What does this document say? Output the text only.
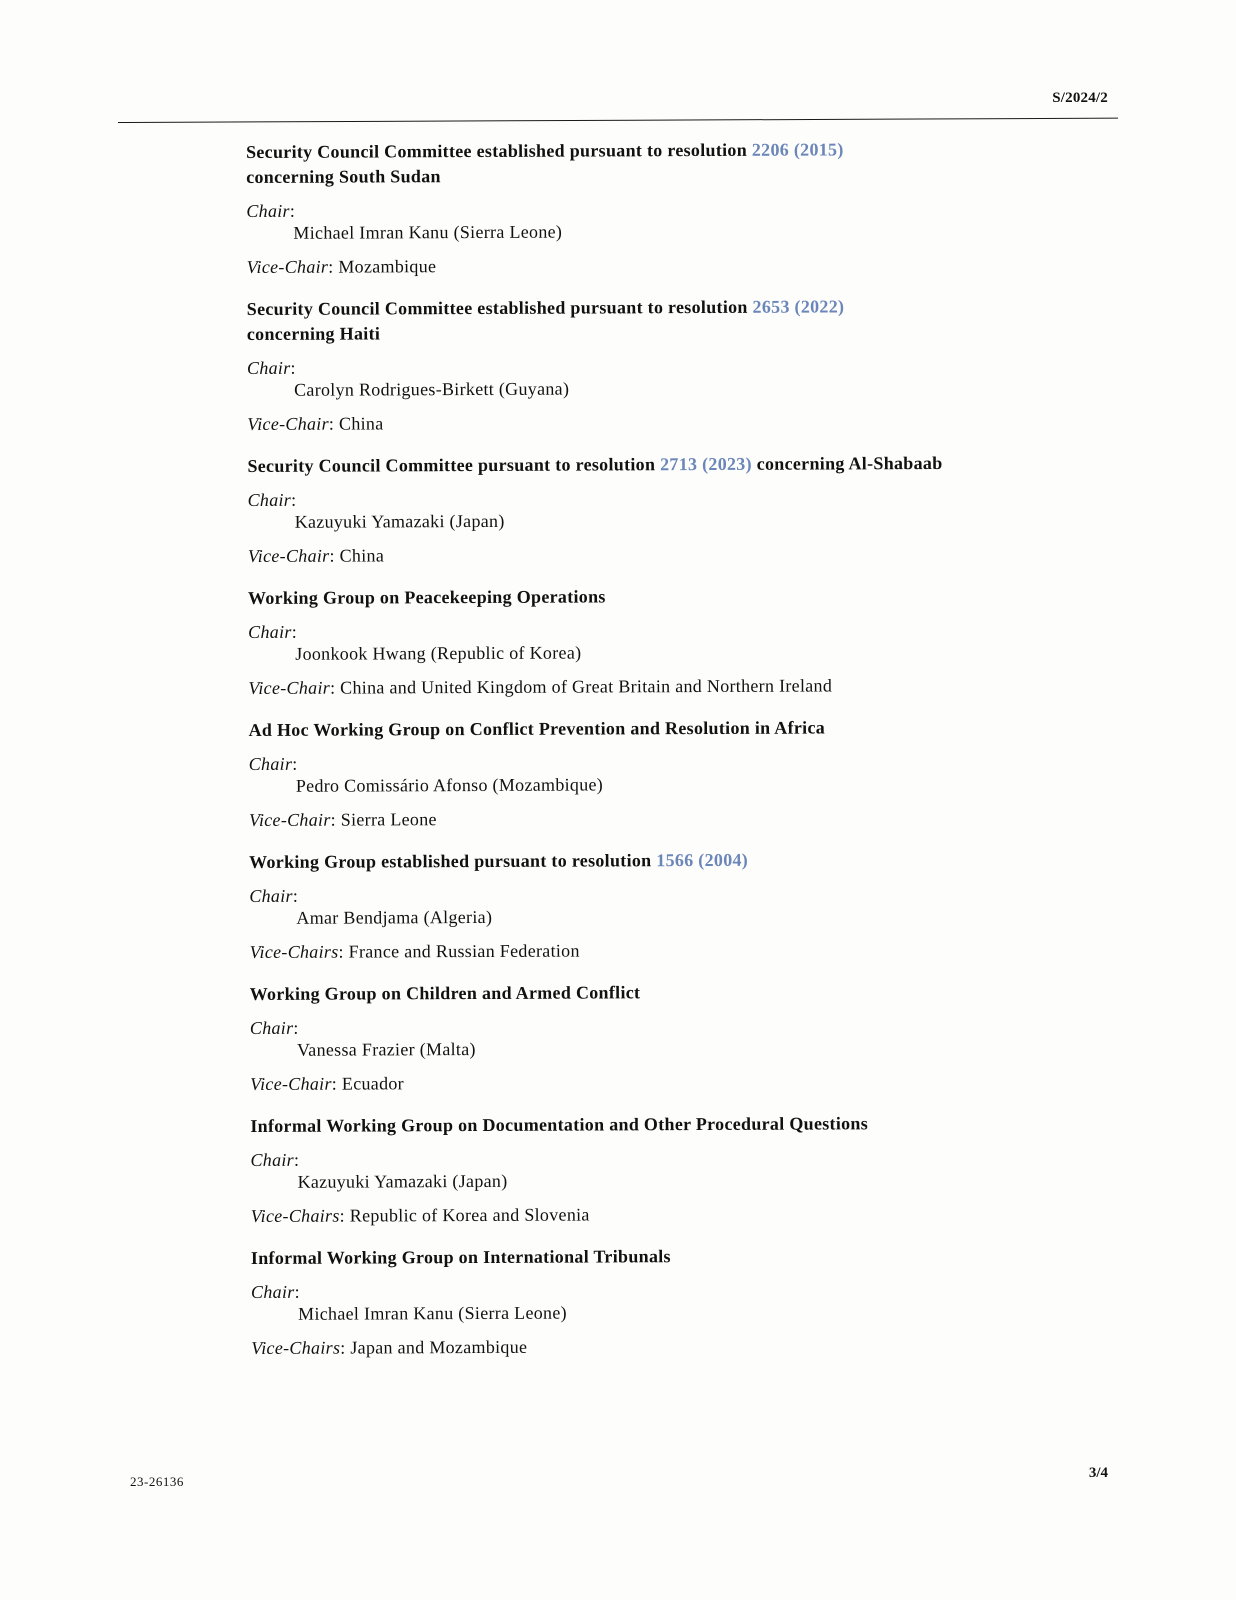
S/2024/2
Security Council Committee established pursuant to resolution 2206 (2015)
concerning South Sudan
Chair:
Michael Imran Kanu (Sierra Leone)
Vice-Chair: Mozambique
Security Council Committee established pursuant to resolution 2653 (2022)
concerning Haiti
Chair:
Carolyn Rodrigues-Birkett (Guyana)
Vice-Chair: China
Security Council Committee pursuant to resolution 2713 (2023) concerning Al-Shabaab
Chair:
Kazuyuki Yamazaki (Japan)
Vice-Chair: China
Working Group on Peacekeeping Operations
Chair:
Joonkook Hwang (Republic of Korea)
Vice-Chair: China and United Kingdom of Great Britain and Northern Ireland
Ad Hoc Working Group on Conflict Prevention and Resolution in Africa
Chair:
Pedro Comissário Afonso (Mozambique)
Vice-Chair: Sierra Leone
Working Group established pursuant to resolution 1566 (2004)
Chair:
Amar Bendjama (Algeria)
Vice-Chairs: France and Russian Federation
Working Group on Children and Armed Conflict
Chair:
Vanessa Frazier (Malta)
Vice-Chair: Ecuador
Informal Working Group on Documentation and Other Procedural Questions
Chair:
Kazuyuki Yamazaki (Japan)
Vice-Chairs: Republic of Korea and Slovenia
Informal Working Group on International Tribunals
Chair:
Michael Imran Kanu (Sierra Leone)
Vice-Chairs: Japan and Mozambique
23-26136
3/4
